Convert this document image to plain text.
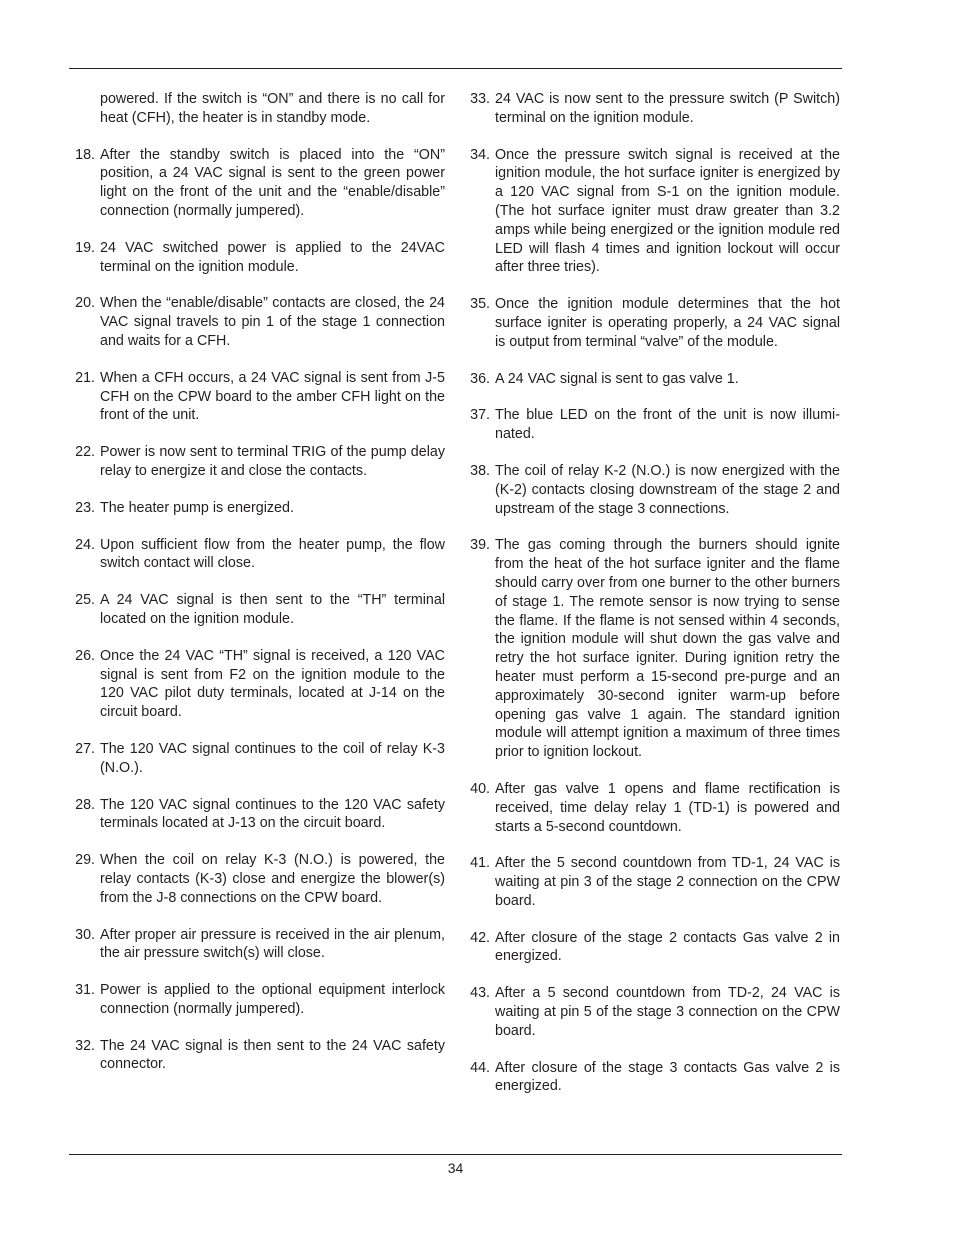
powered. If the switch is “ON” and there is no call for heat (CFH), the heater is in standby mode.
18. After the standby switch is placed into the “ON” position, a 24 VAC signal is sent to the green power light on the front of the unit and the “enable/disable” connection (normally jumpered).
19. 24 VAC switched power is applied to the 24VAC terminal on the ignition module.
20. When the “enable/disable” contacts are closed, the 24 VAC signal travels to pin 1 of the stage 1 connection and waits for a CFH.
21. When a CFH occurs, a 24 VAC signal is sent from J-5 CFH on the CPW board to the amber CFH light on the front of the unit.
22. Power is now sent to terminal TRIG of the pump delay relay to energize it and close the contacts.
23. The heater pump is energized.
24. Upon sufficient flow from the heater pump, the flow switch contact will close.
25. A 24 VAC signal is then sent to the “TH” terminal located on the ignition module.
26. Once the 24 VAC “TH” signal is received, a 120 VAC signal is sent from F2 on the ignition module to the 120 VAC pilot duty terminals, located at J-14 on the circuit board.
27. The 120 VAC signal continues to the coil of relay K-3 (N.O.).
28. The 120 VAC signal continues to the 120 VAC safety terminals located at J-13 on the circuit board.
29. When the coil on relay K-3 (N.O.) is powered, the relay contacts (K-3) close and energize the blower(s) from the J-8 connections on the CPW board.
30. After proper air pressure is received in the air plenum, the air pressure switch(s) will close.
31. Power is applied to the optional equipment interlock connection (normally jumpered).
32. The 24 VAC signal is then sent to the 24 VAC safety connector.
33. 24 VAC is now sent to the pressure switch (P Switch) terminal on the ignition module.
34. Once the pressure switch signal is received at the ignition module, the hot surface igniter is energized by a 120 VAC signal from S-1 on the ignition module. (The hot surface igniter must draw greater than 3.2 amps while being energized or the ignition module red LED will flash 4 times and ignition lockout will occur after three tries).
35. Once the ignition module determines that the hot surface igniter is operating properly, a 24 VAC signal is output from terminal “valve” of the module.
36. A 24 VAC signal is sent to gas valve 1.
37. The blue LED on the front of the unit is now illuminated.
38. The coil of relay K-2 (N.O.) is now energized with the (K-2) contacts closing downstream of the stage 2 and upstream of the stage 3 connections.
39. The gas coming through the burners should ignite from the heat of the hot surface igniter and the flame should carry over from one burner to the other burners of stage 1. The remote sensor is now trying to sense the flame. If the flame is not sensed within 4 seconds, the ignition module will shut down the gas valve and retry the hot surface igniter. During ignition retry the heater must perform a 15-second pre-purge and an approximately 30-second igniter warm-up before opening gas valve 1 again. The standard ignition module will attempt ignition a maximum of three times prior to ignition lockout.
40. After gas valve 1 opens and flame rectification is received, time delay relay 1 (TD-1) is powered and starts a 5-second countdown.
41. After the 5 second countdown from TD-1, 24 VAC is waiting at pin 3 of the stage 2 connection on the CPW board.
42. After closure of the stage 2 contacts Gas valve 2 in energized.
43. After a 5 second countdown from TD-2, 24 VAC is waiting at pin 5 of the stage 3 connection on the CPW board.
44. After closure of the stage 3 contacts Gas valve 2 is energized.
34
